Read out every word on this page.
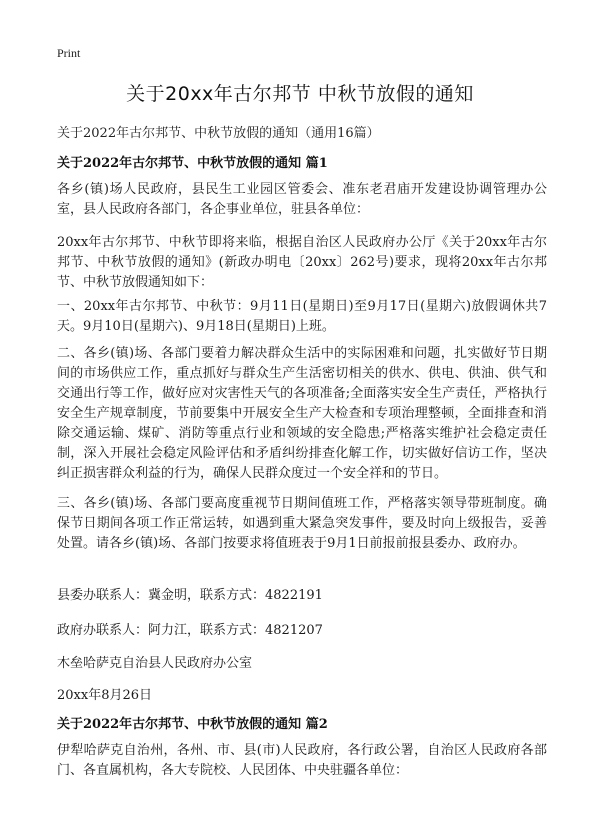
Print
关于20xx年古尔邦节 中秋节放假的通知
关于2022年古尔邦节、中秋节放假的通知（通用16篇）
关于2022年古尔邦节、中秋节放假的通知 篇1
各乡(镇)场人民政府，县民生工业园区管委会、准东老君庙开发建设协调管理办公室，县人民政府各部门，各企事业单位，驻县各单位：
20xx年古尔邦节、中秋节即将来临，根据自治区人民政府办公厅《关于20xx年古尔邦节、中秋节放假的通知》(新政办明电〔20xx〕262号)要求，现将20xx年古尔邦节、中秋节放假通知如下：
一、20xx年古尔邦节、中秋节：9月11日(星期日)至9月17日(星期六)放假调休共7天。9月10日(星期六)、9月18日(星期日)上班。
二、各乡(镇)场、各部门要着力解决群众生活中的实际困难和问题，扎实做好节日期间的市场供应工作，重点抓好与群众生产生活密切相关的供水、供电、供油、供气和交通出行等工作，做好应对灾害性天气的各项准备;全面落实安全生产责任，严格执行安全生产规章制度，节前要集中开展安全生产大检查和专项治理整顿，全面排查和消除交通运输、煤矿、消防等重点行业和领域的安全隐患;严格落实维护社会稳定责任制，深入开展社会稳定风险评估和矛盾纠纷排查化解工作，切实做好信访工作，坚决纠正损害群众利益的行为，确保人民群众度过一个安全祥和的节日。
三、各乡(镇)场、各部门要高度重视节日期间值班工作，严格落实领导带班制度。确保节日期间各项工作正常运转，如遇到重大紧急突发事件，要及时向上级报告，妥善处置。请各乡(镇)场、各部门按要求将值班表于9月1日前报前报县委办、政府办。
县委办联系人：冀金明，联系方式：4822191
政府办联系人：阿力江，联系方式：4821207
木垒哈萨克自治县人民政府办公室
20xx年8月26日
关于2022年古尔邦节、中秋节放假的通知 篇2
伊犁哈萨克自治州，各州、市、县(市)人民政府，各行政公署，自治区人民政府各部门、各直属机构，各大专院校、人民团体、中央驻疆各单位：
